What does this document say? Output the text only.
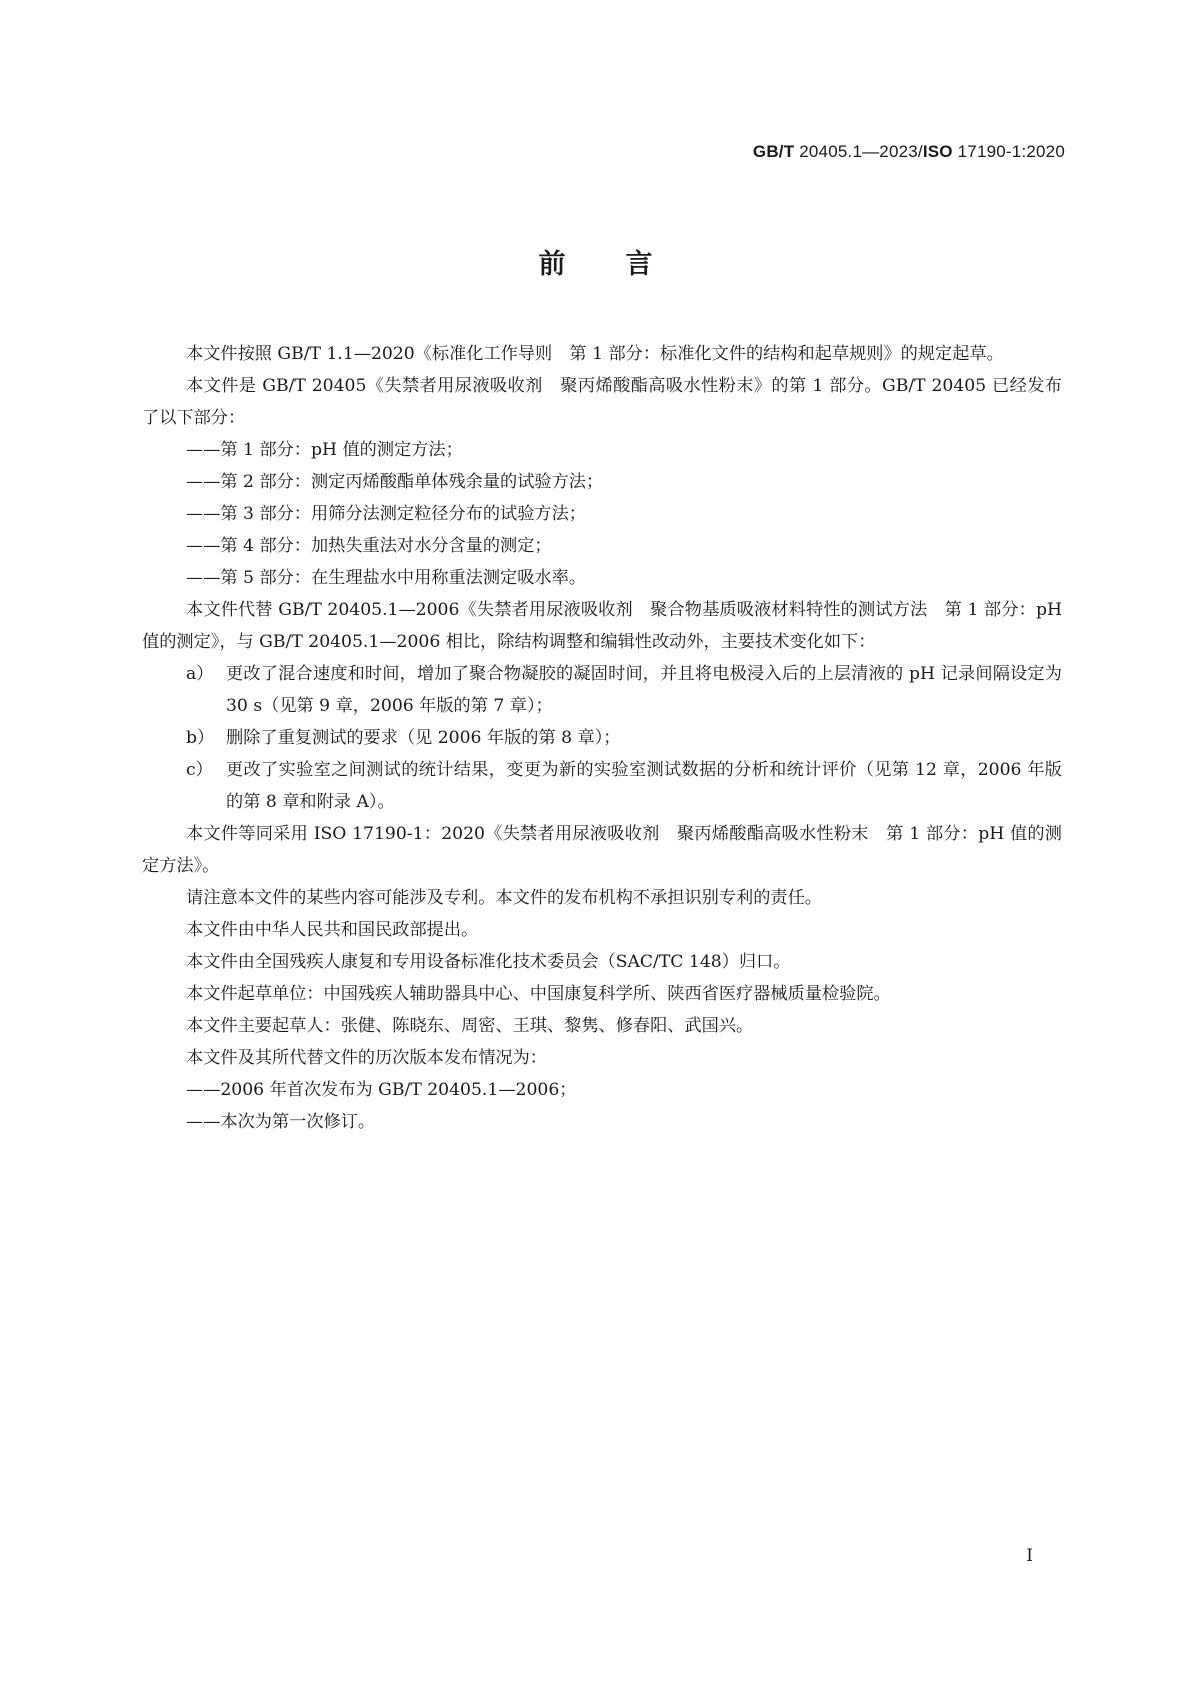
GB/T 20405.1—2023/ISO 17190-1:2020
前言

本文件按照 GB/T 1.1—2020《标准化工作导则　第 1 部分：标准化文件的结构和起草规则》的规定起草。

本文件是 GB/T 20405《失禁者用尿液吸收剂　聚丙烯酸酯高吸水性粉末》的第 1 部分。GB/T 20405 已经发布了以下部分：

——第 1 部分：pH 值的测定方法；

——第 2 部分：测定丙烯酸酯单体残余量的试验方法；

——第 3 部分：用筛分法测定粒径分布的试验方法；

——第 4 部分：加热失重法对水分含量的测定；

——第 5 部分：在生理盐水中用称重法测定吸水率。

本文件代替 GB/T 20405.1—2006《失禁者用尿液吸收剂　聚合物基质吸液材料特性的测试方法　第 1 部分：pH 值的测定》，与 GB/T 20405.1—2006 相比，除结构调整和编辑性改动外，主要技术变化如下：

a） 更改了混合速度和时间，增加了聚合物凝胶的凝固时间，并且将电极浸入后的上层清液的 pH 记录间隔设定为 30 s（见第 9 章，2006 年版的第 7 章）；
b） 删除了重复测试的要求（见 2006 年版的第 8 章）；
c） 更改了实验室之间测试的统计结果，变更为新的实验室测试数据的分析和统计评价（见第 12 章，2006 年版的第 8 章和附录 A）。

本文件等同采用 ISO 17190-1：2020《失禁者用尿液吸收剂　聚丙烯酸酯高吸水性粉末　第 1 部分：pH 值的测定方法》。

请注意本文件的某些内容可能涉及专利。本文件的发布机构不承担识别专利的责任。

本文件由中华人民共和国民政部提出。

本文件由全国残疾人康复和专用设备标准化技术委员会（SAC/TC 148）归口。

本文件起草单位：中国残疾人辅助器具中心、中国康复科学所、陕西省医疗器械质量检验院。

本文件主要起草人：张健、陈晓东、周密、王琪、黎隽、修春阳、武国兴。

本文件及其所代替文件的历次版本发布情况为：

——2006 年首次发布为 GB/T 20405.1—2006；

——本次为第一次修订。

I
